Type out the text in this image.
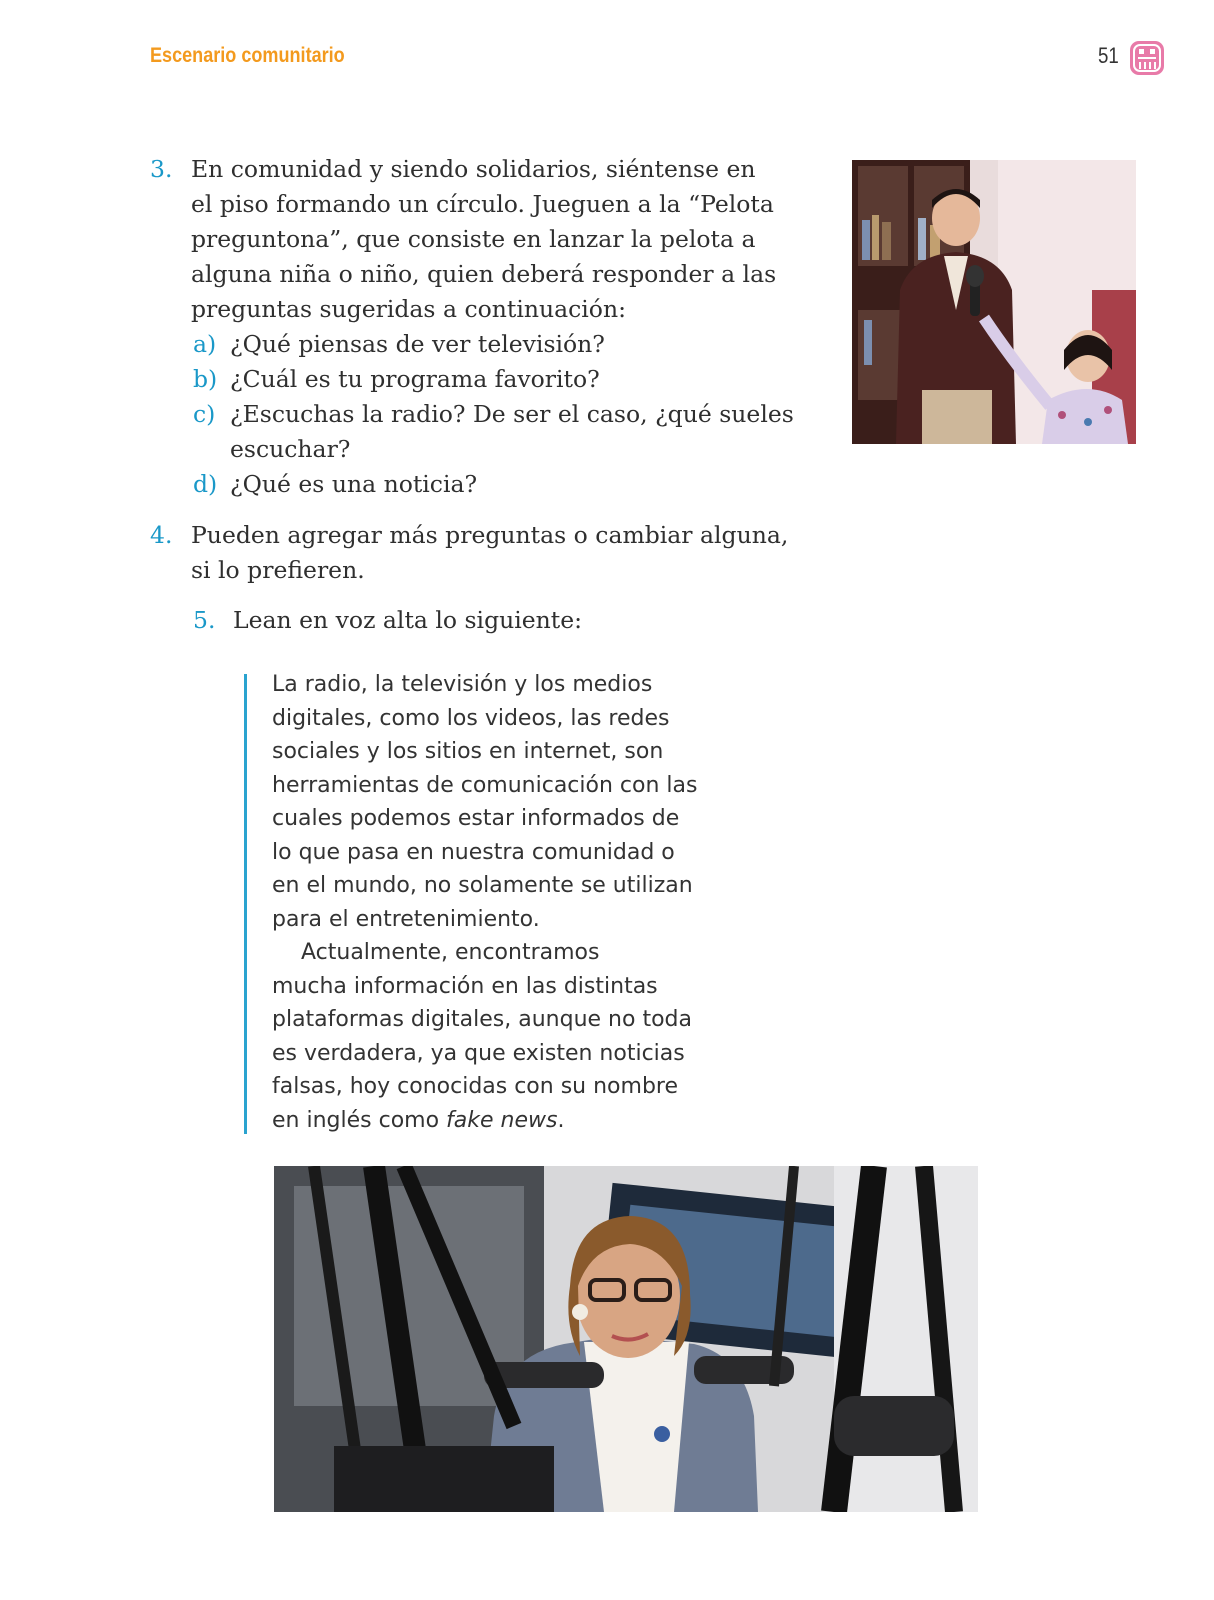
Escenario comunitario	51
3. En comunidad y siendo solidarios, siéntense en
el piso formando un círculo. Jueguen a la “Pelota
preguntona”, que consiste en lanzar la pelota a
alguna niña o niño, quien deberá responder a las
preguntas sugeridas a continuación:
a) ¿Qué piensas de ver televisión?
b) ¿Cuál es tu programa favorito?
c) ¿Escuchas la radio? De ser el caso, ¿qué sueles
escuchar?
d) ¿Qué es una noticia?
4. Pueden agregar más preguntas o cambiar alguna,
si lo prefieren.
5. Lean en voz alta lo siguiente:

La radio, la televisión y los medios
digitales, como los videos, las redes
sociales y los sitios en internet, son
herramientas de comunicación con las
cuales podemos estar informados de
lo que pasa en nuestra comunidad o
en el mundo, no solamente se utilizan
para el entretenimiento.

Actualmente, encontramos
mucha información en las distintas
plataformas digitales, aunque no toda
es verdadera, ya que existen noticias
falsas, hoy conocidas con su nombre
en inglés como fake news.
